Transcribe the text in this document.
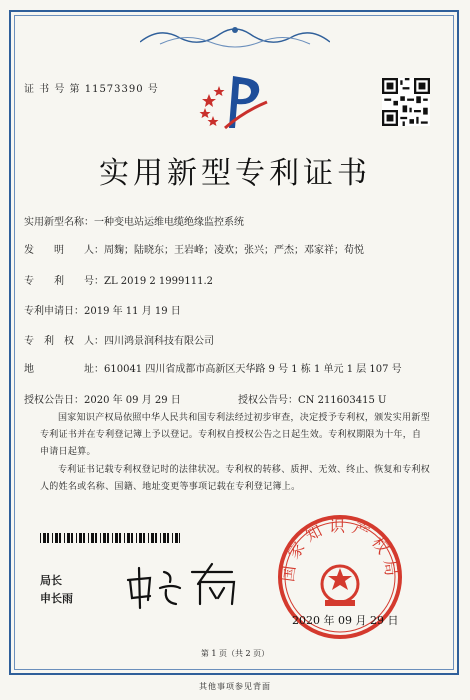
证 书 号 第 11573390 号
实用新型专利证书
实用新型名称：一种变电站运维电缆绝缘监控系统
发　　明　　人：周麴；陆晓东；王岩峰；凌欢；张兴；严杰；邓家祥；荀悦
专　　利　　号：ZL 2019 2 1999111.2
专利申请日：2019 年 11 月 19 日
专　利　权　人：四川鸿景润科技有限公司
地　　　　　址：610041 四川省成都市高新区天华路 9 号 1 栋 1 单元 1 层 107 号
授权公告日：2020 年 09 月 29 日	授权公告号：CN 211603415 U
国家知识产权局依照中华人民共和国专利法经过初步审查，决定授予专利权，颁发实用新型专利证书并在专利登记簿上予以登记。专利权自授权公告之日起生效。专利权期限为十年，自申请日起算。
专利证书记载专利权登记时的法律状况。专利权的转移、质押、无效、终止、恢复和专利权人的姓名或名称、国籍、地址变更等事项记载在专利登记簿上。
局长
申长雨
国家知识产权局
2020 年 09 月 29 日
第 1 页（共 2 页）
其他事项参见背面
